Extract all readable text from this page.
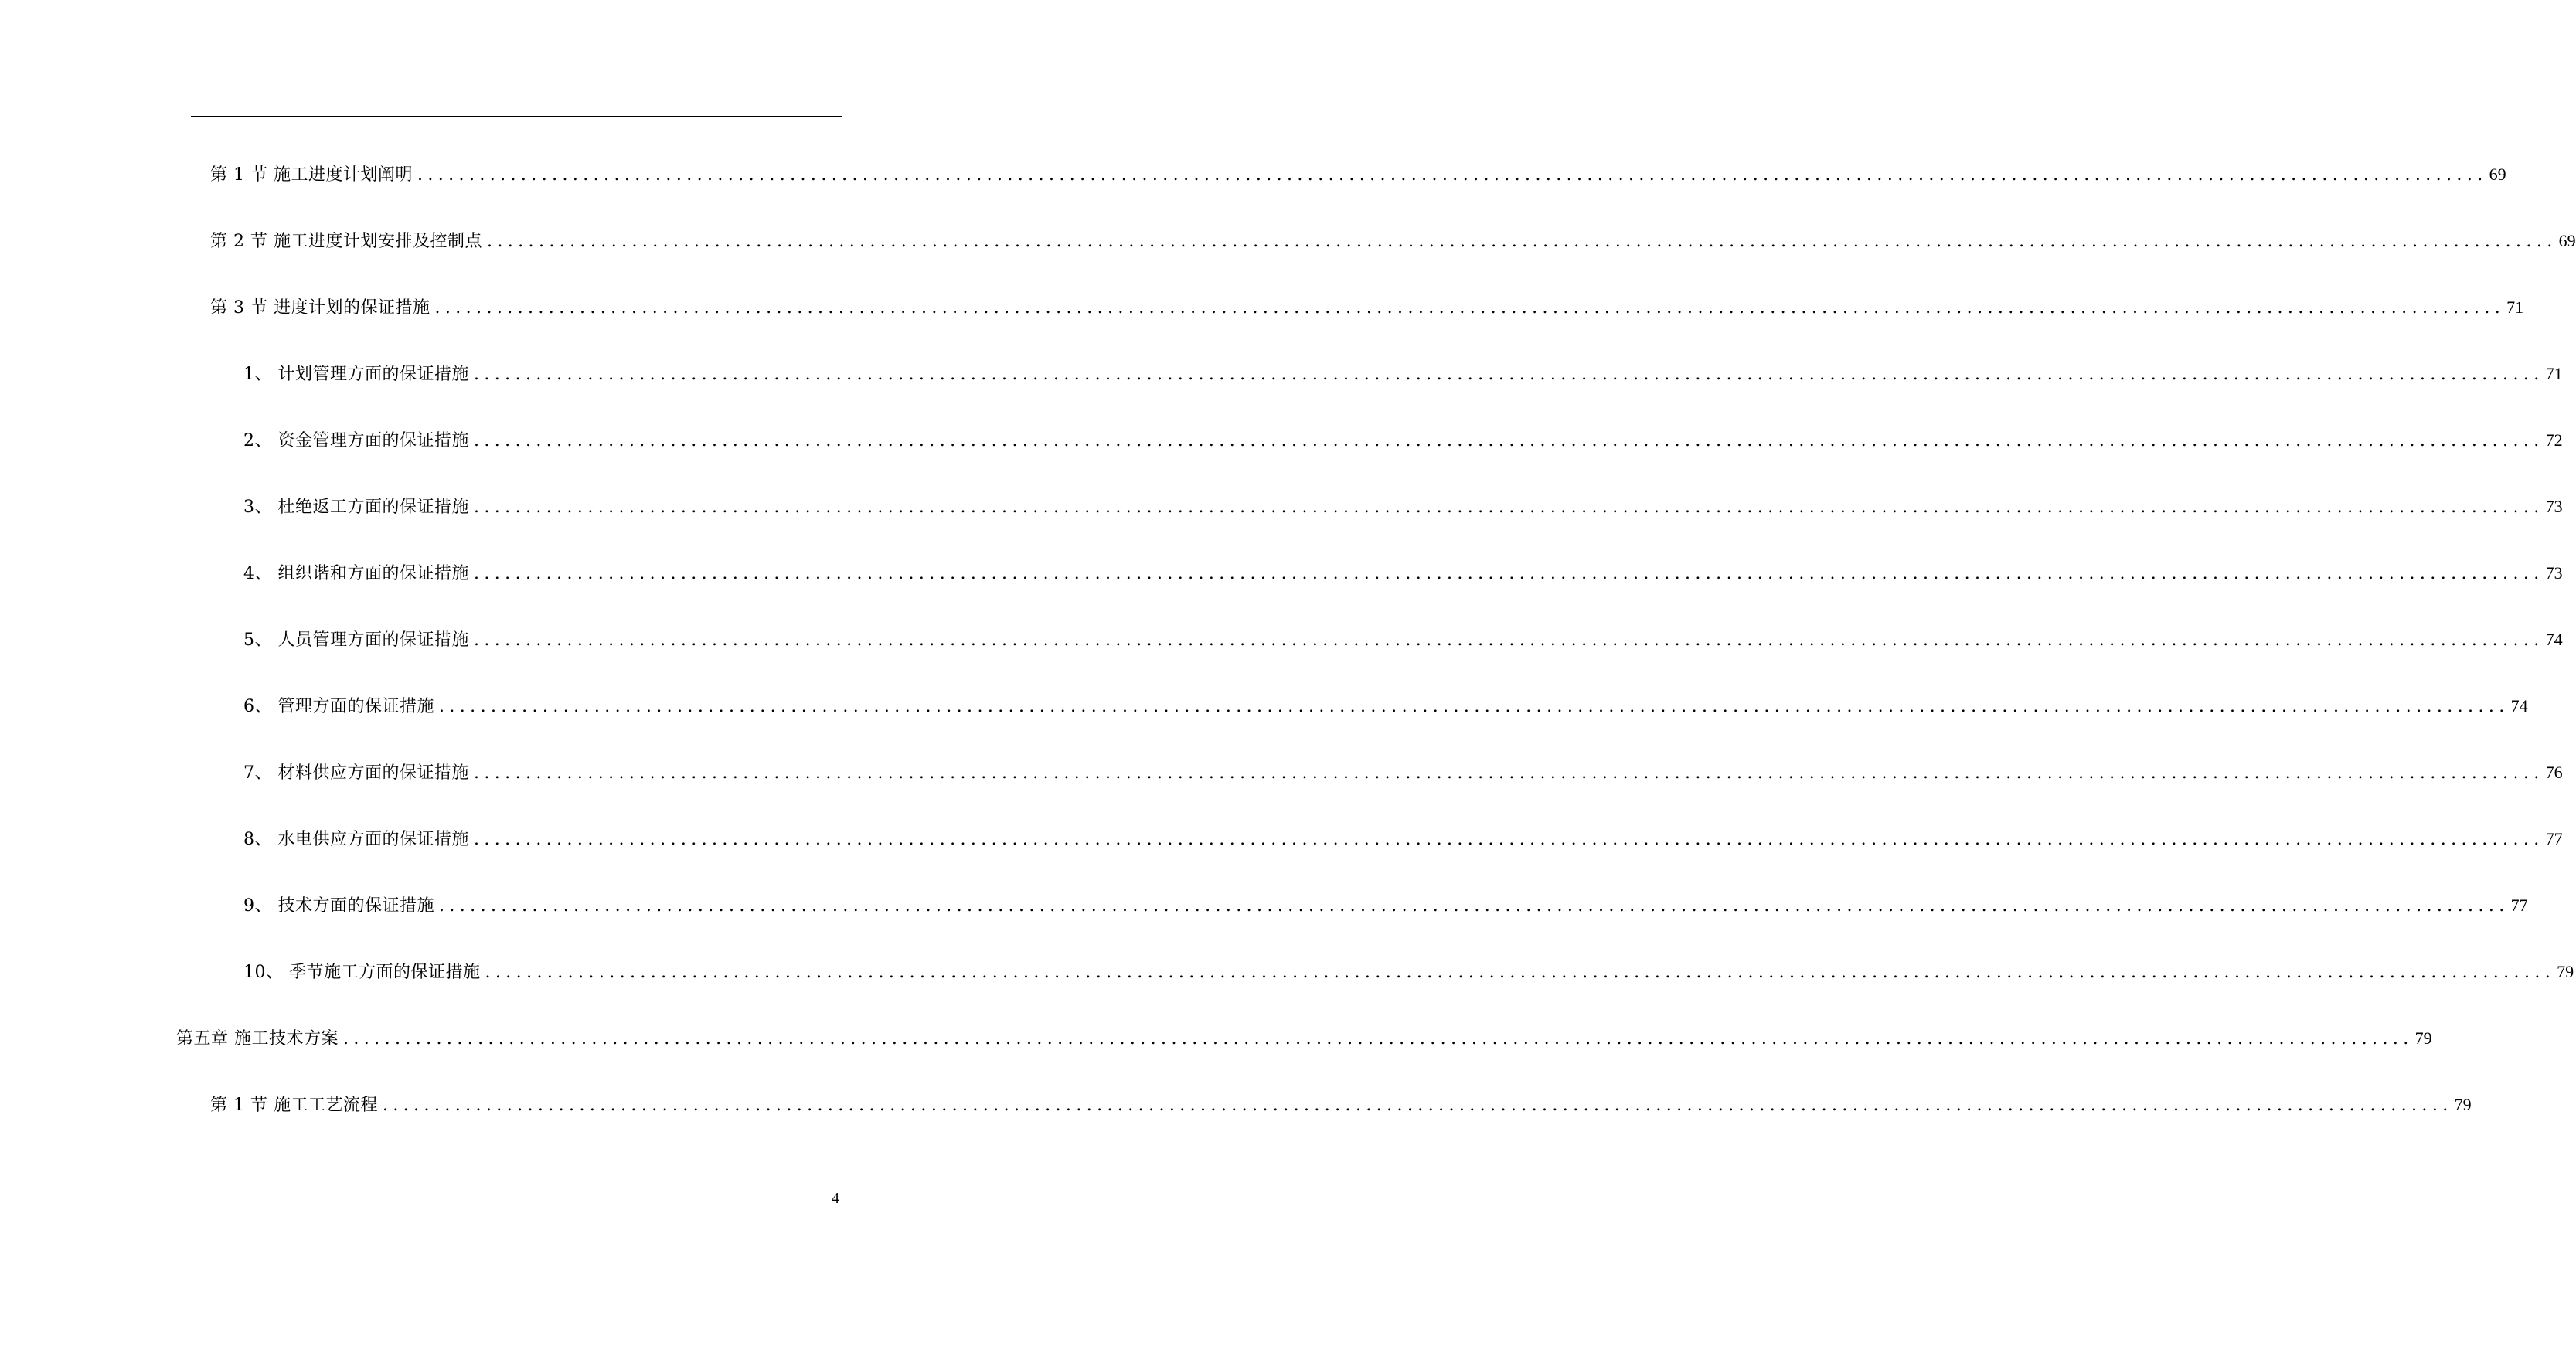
第 1 节 施工进度计划阐明 ........................................................................................................................................................................................................ 69
第 2 节 施工进度计划安排及控制点 ........................................................................................................................................................................................................ 69
第 3 节 进度计划的保证措施 ........................................................................................................................................................................................................ 71
1、 计划管理方面的保证措施 ........................................................................................................................................................................................................ 71
2、 资金管理方面的保证措施 ........................................................................................................................................................................................................ 72
3、 杜绝返工方面的保证措施 ........................................................................................................................................................................................................ 73
4、 组织谐和方面的保证措施 ........................................................................................................................................................................................................ 73
5、 人员管理方面的保证措施 ........................................................................................................................................................................................................ 74
6、 管理方面的保证措施 ........................................................................................................................................................................................................ 74
7、 材料供应方面的保证措施 ........................................................................................................................................................................................................ 76
8、 水电供应方面的保证措施 ........................................................................................................................................................................................................ 77
9、 技术方面的保证措施 ........................................................................................................................................................................................................ 77
10、 季节施工方面的保证措施 ........................................................................................................................................................................................................ 79
第五章 施工技术方案 ........................................................................................................................................................................................................ 79
第 1 节 施工工艺流程 ........................................................................................................................................................................................................ 79
4
